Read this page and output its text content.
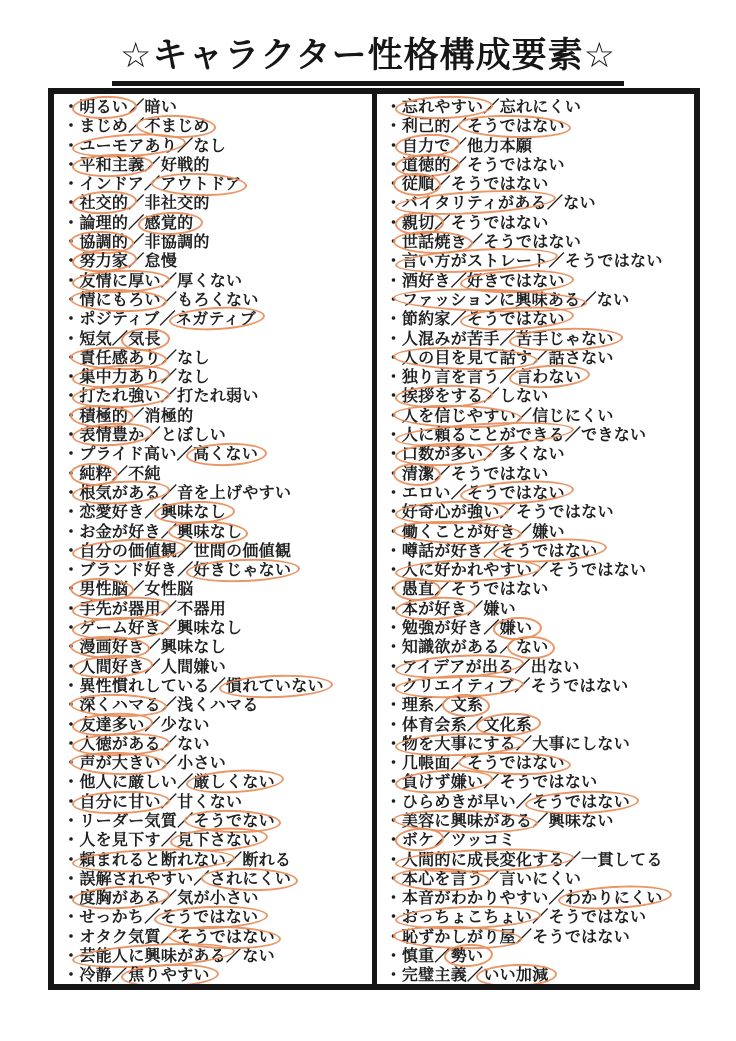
☆キャラクター性格構成要素☆
・明るい／暗い
・まじめ／不まじめ
・ユーモアあり／なし
・平和主義／好戦的
・インドア／アウトドア
・社交的／非社交的
・論理的／感覚的
・協調的／非協調的
・努力家／怠慢
・友情に厚い／厚くない
・情にもろい／もろくない
・ポジティブ／ネガティブ
・短気／気長
・責任感あり／なし
・集中力あり／なし
・打たれ強い／打たれ弱い
・積極的／消極的
・表情豊か／とぼしい
・プライド高い／高くない
・純粋／不純
・根気がある／音を上げやすい
・恋愛好き／興味なし
・お金が好き／興味なし
・自分の価値観／世間の価値観
・ブランド好き／好きじゃない
・男性脳／女性脳
・手先が器用／不器用
・ゲーム好き／興味なし
・漫画好き／興味なし
・人間好き／人間嫌い
・異性慣れしている／慣れていない
・深くハマる／浅くハマる
・友達多い／少ない
・人徳がある／ない
・声が大きい／小さい
・他人に厳しい／厳しくない
・自分に甘い／甘くない
・リーダー気質／そうでない
・人を見下す／見下さない
・頼まれると断れない／断れる
・誤解されやすい／されにくい
・度胸がある／気が小さい
・せっかち／そうではない
・オタク気質／そうではない
・芸能人に興味がある／ない
・冷静／焦りやすい
・忘れやすい／忘れにくい
・利己的／そうではない
・自力で／他力本願
・道徳的／そうではない
・従順／そうではない
・バイタリティがある／ない
・親切／そうではない
・世話焼き／そうではない
・言い方がストレート／そうではない
・酒好き／好きではない
・ファッションに興味ある／ない
・節約家／そうではない
・人混みが苦手／苦手じゃない
・人の目を見て話す／話さない
・独り言を言う／言わない
・挨拶をする／しない
・人を信じやすい／信じにくい
・人に頼ることができる／できない
・口数が多い／多くない
・清潔／そうではない
・エロい／そうではない
・好奇心が強い／そうではない
・働くことが好き／嫌い
・噂話が好き／そうではない
・人に好かれやすい／そうではない
・愚直／そうではない
・本が好き／嫌い
・勉強が好き／嫌い
・知識欲がある／ない
・アイデアが出る／出ない
・クリエイティブ／そうではない
・理系／文系
・体育会系／文化系
・物を大事にする／大事にしない
・几帳面／そうではない
・負けず嫌い／そうではない
・ひらめきが早い／そうではない
・美容に興味がある／興味ない
・ボケ／ツッコミ
・人間的に成長変化する／一貫してる
・本心を言う／言いにくい
・本音がわかりやすい／わかりにくい
・おっちょこちょい／そうではない
・恥ずかしがり屋／そうではない
・慎重／勢い
・完璧主義／いい加減
